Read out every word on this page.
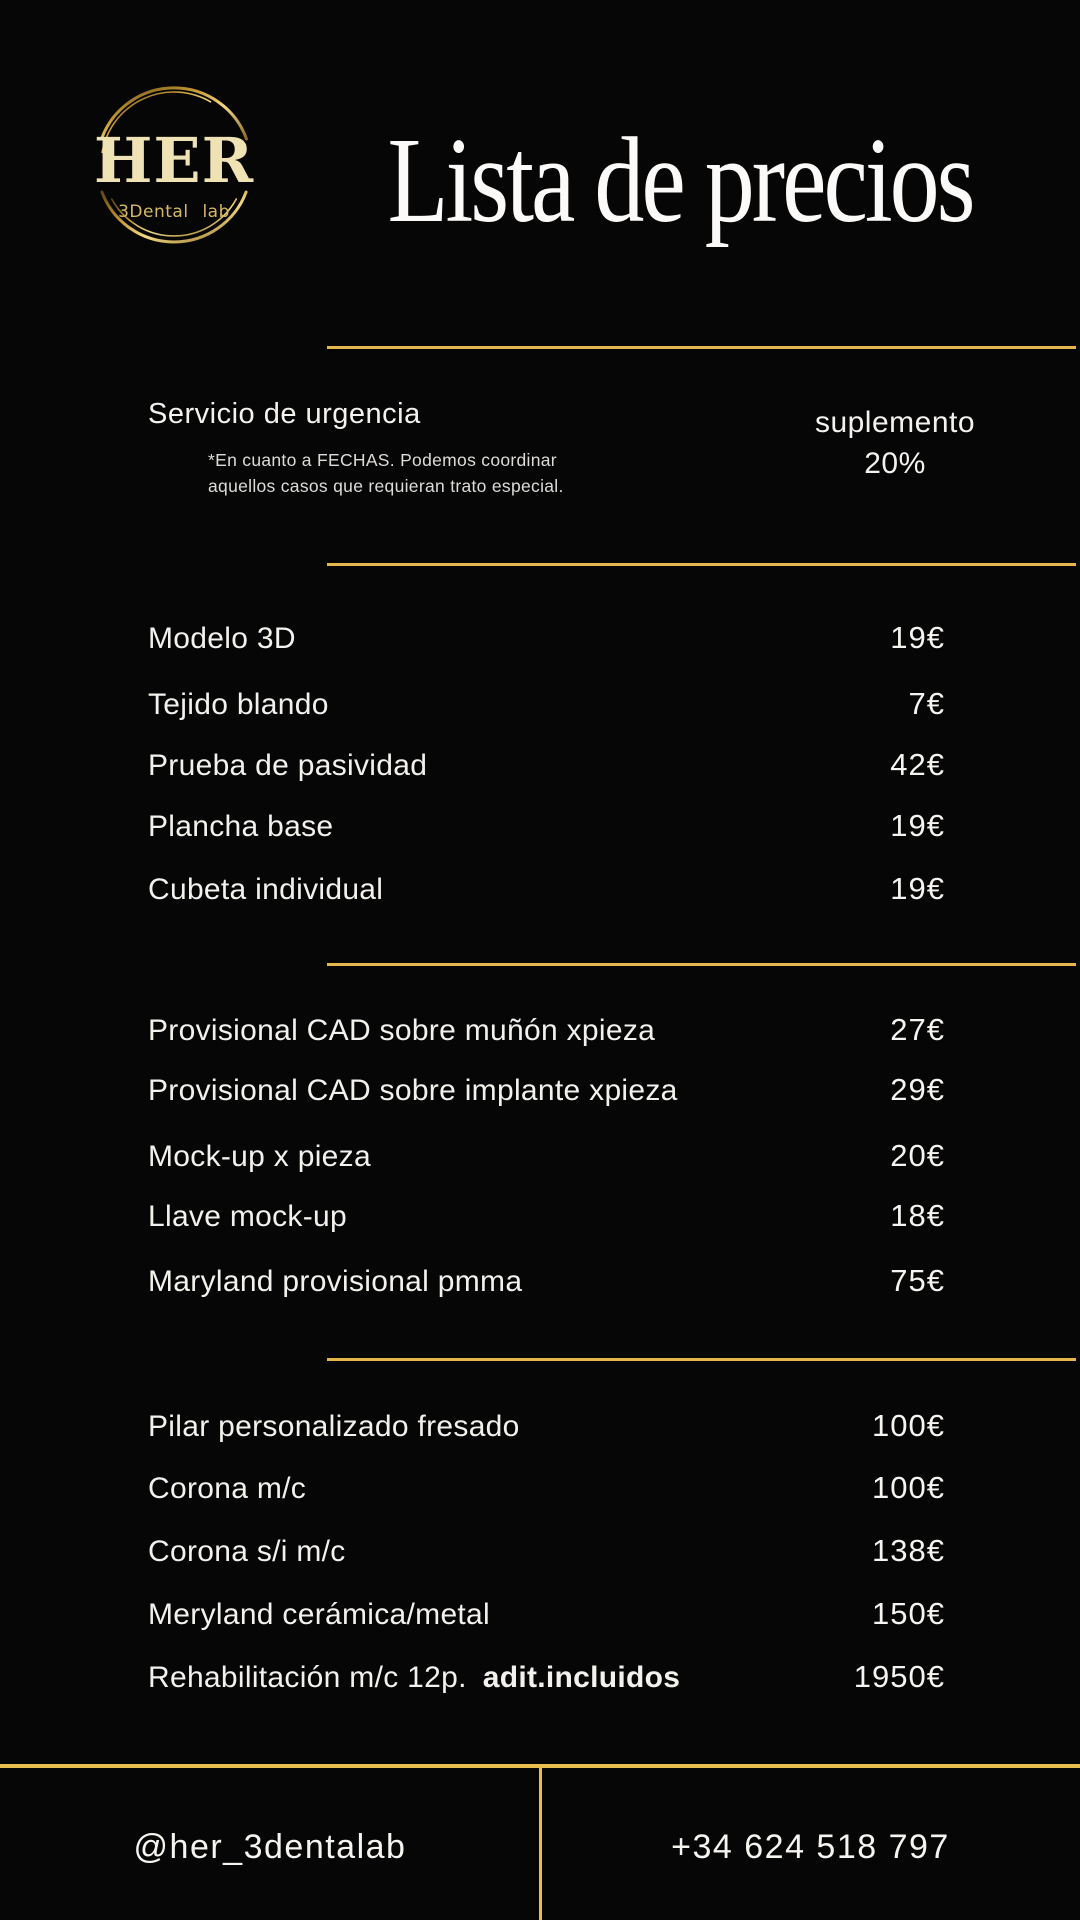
HER
3Dental lab	Lista de precios
Servicio de urgencia
*En cuanto a FECHAS. Podemos coordinar
aquellos casos que requieran trato especial.
suplemento
20%
Modelo 3D	19€
Tejido blando	7€
Prueba de pasividad	42€
Plancha base	19€
Cubeta individual	19€
Provisional CAD sobre muñón xpieza	27€
Provisional CAD sobre implante xpieza	29€
Mock-up x pieza	20€
Llave mock-up	18€
Maryland provisional pmma	75€
Pilar personalizado fresado	100€
Corona m/c	100€
Corona s/i m/c	138€
Meryland cerámica/metal	150€
Rehabilitación m/c 12p. adit.incluidos	1950€
@her_3dentalab	+34 624 518 797
